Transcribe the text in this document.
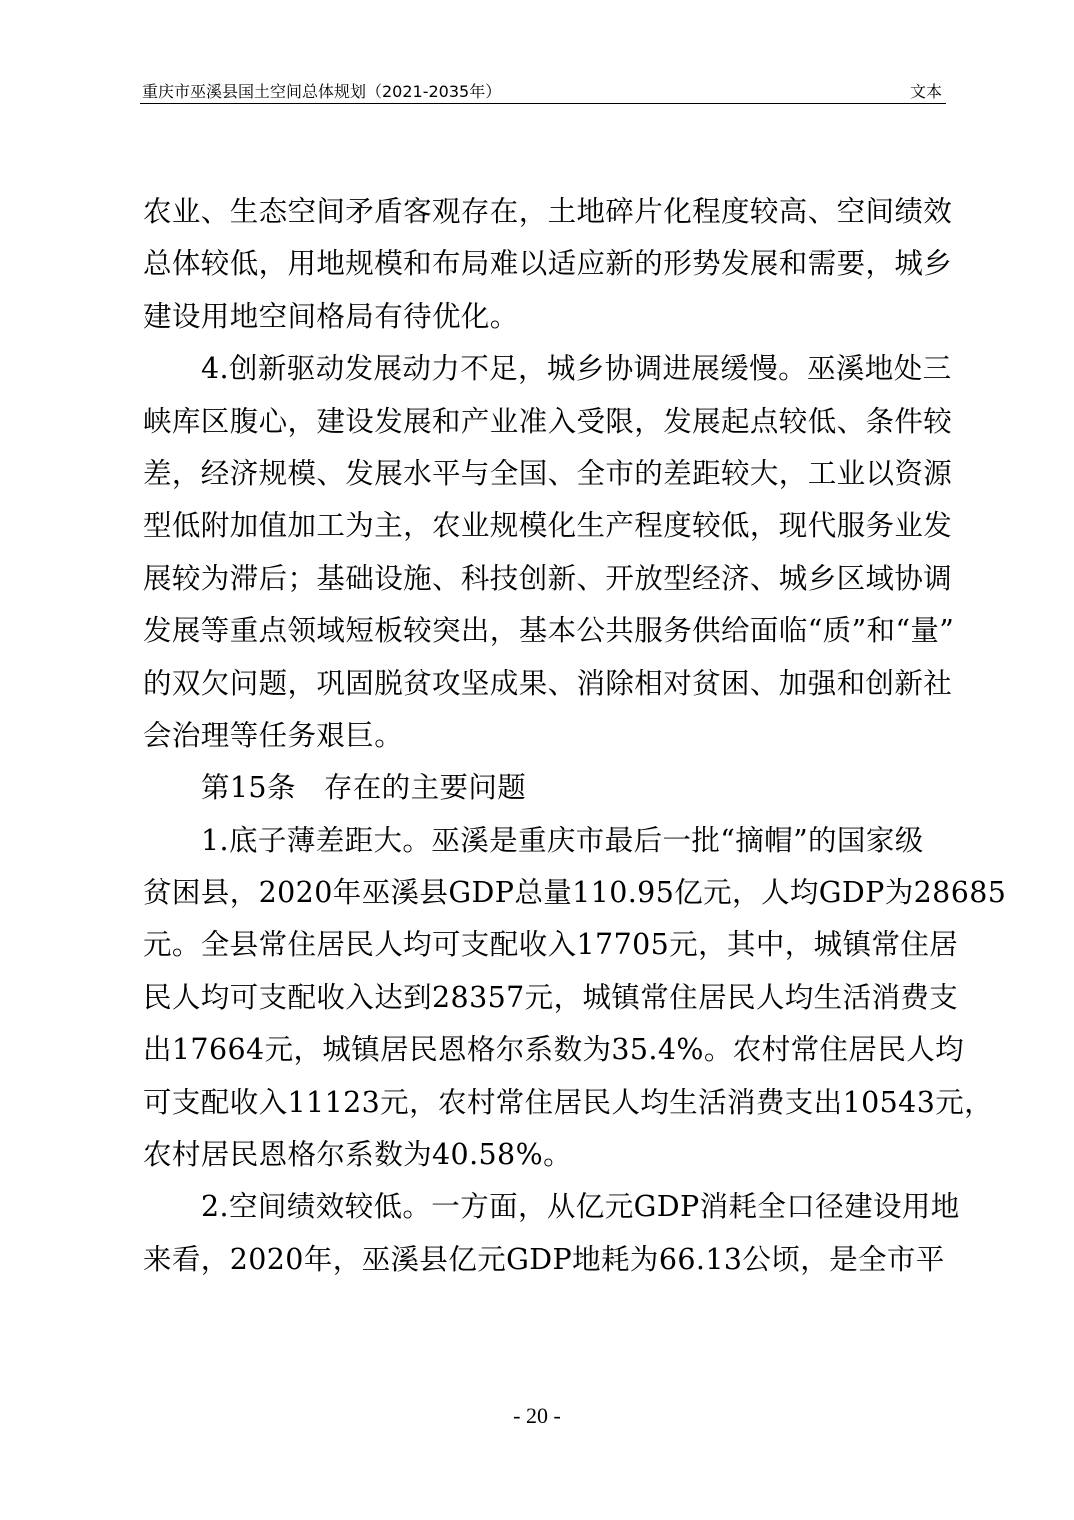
重庆市巫溪县国土空间总体规划（2021-2035年）	文本
农业、生态空间矛盾客观存在，土地碎片化程度较高、空间绩效
总体较低，用地规模和布局难以适应新的形势发展和需要，城乡
建设用地空间格局有待优化。
4.创新驱动发展动力不足，城乡协调进展缓慢。巫溪地处三
峡库区腹心，建设发展和产业准入受限，发展起点较低、条件较
差，经济规模、发展水平与全国、全市的差距较大，工业以资源
型低附加值加工为主，农业规模化生产程度较低，现代服务业发
展较为滞后；基础设施、科技创新、开放型经济、城乡区域协调
发展等重点领域短板较突出，基本公共服务供给面临“质”和“量”
的双欠问题，巩固脱贫攻坚成果、消除相对贫困、加强和创新社
会治理等任务艰巨。
第15条 存在的主要问题
1.底子薄差距大。巫溪是重庆市最后一批“摘帽”的国家级
贫困县，2020年巫溪县GDP总量110.95亿元，人均GDP为28685
元。全县常住居民人均可支配收入17705元，其中，城镇常住居
民人均可支配收入达到28357元，城镇常住居民人均生活消费支
出17664元，城镇居民恩格尔系数为35.4%。农村常住居民人均
可支配收入11123元，农村常住居民人均生活消费支出10543元，
农村居民恩格尔系数为40.58%。
2.空间绩效较低。一方面，从亿元GDP消耗全口径建设用地
来看，2020年，巫溪县亿元GDP地耗为66.13公顷，是全市平
- 20 -
